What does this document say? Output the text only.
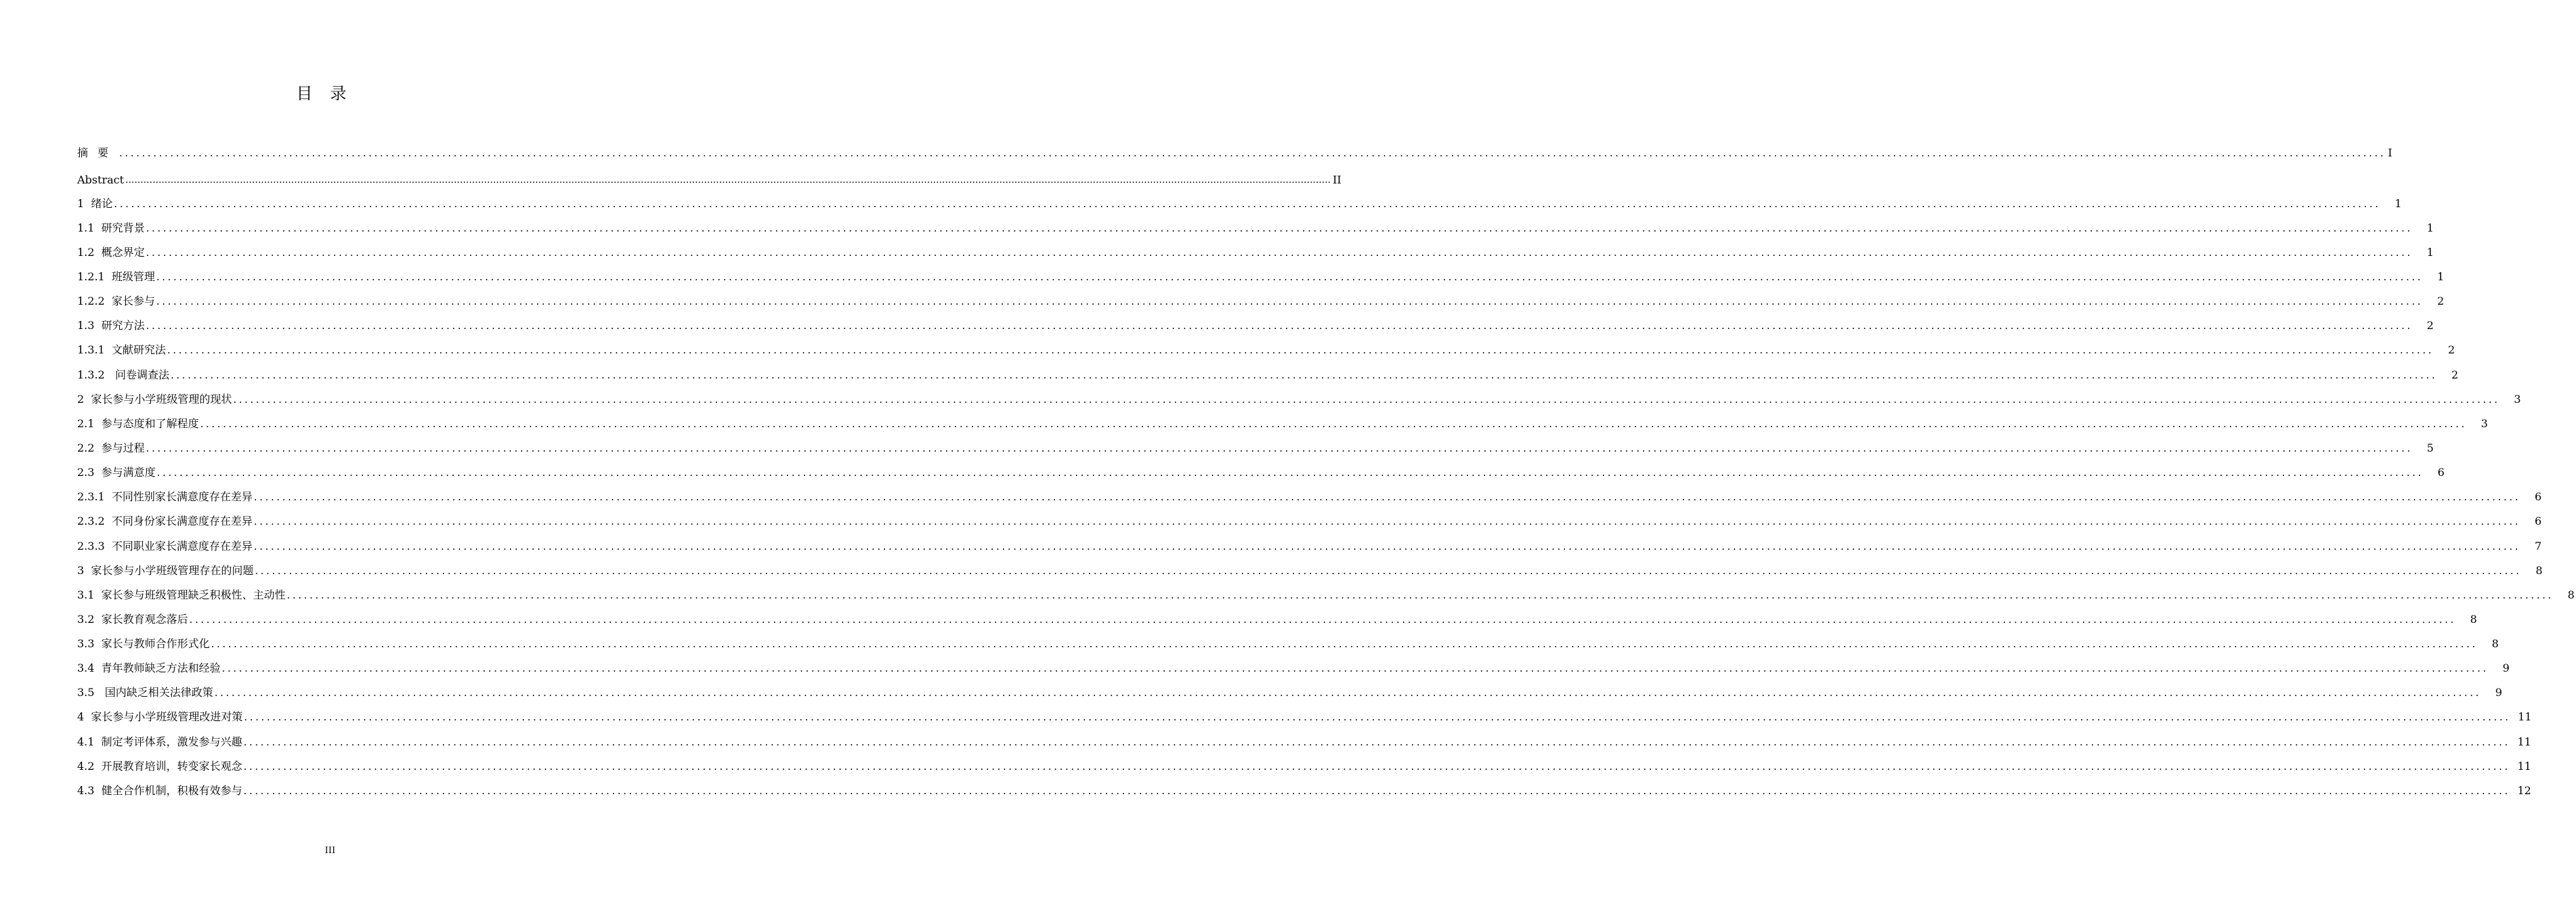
目录
摘要 ................................................................................................................................................................................................................................................................................................................................................................................................................ I
Abstract ................................................................................................................................................................................................................................................................................................................................................................................................................ II
1  绪论 ................................................................................................................................................................................................................................................................................................................................................................................................................	1
1.1  研究背景 ................................................................................................................................................................................................................................................................................................................................................................................................................	1
1.2  概念界定 ................................................................................................................................................................................................................................................................................................................................................................................................................	1
1.2.1  班级管理 ................................................................................................................................................................................................................................................................................................................................................................................................................	1
1.2.2  家长参与 ................................................................................................................................................................................................................................................................................................................................................................................................................	2
1.3  研究方法 ................................................................................................................................................................................................................................................................................................................................................................................................................	2
1.3.1  文献研究法 ................................................................................................................................................................................................................................................................................................................................................................................................................	2
1.3.2   问卷调查法 ................................................................................................................................................................................................................................................................................................................................................................................................................	2
2  家长参与小学班级管理的现状 ................................................................................................................................................................................................................................................................................................................................................................................................................	3
2.1  参与态度和了解程度 ................................................................................................................................................................................................................................................................................................................................................................................................................	3
2.2  参与过程 ................................................................................................................................................................................................................................................................................................................................................................................................................	5
2.3  参与满意度 ................................................................................................................................................................................................................................................................................................................................................................................................................	6
2.3.1  不同性别家长满意度存在差异 ................................................................................................................................................................................................................................................................................................................................................................................................................	6
2.3.2  不同身份家长满意度存在差异 ................................................................................................................................................................................................................................................................................................................................................................................................................	6
2.3.3  不同职业家长满意度存在差异 ................................................................................................................................................................................................................................................................................................................................................................................................................	7
3  家长参与小学班级管理存在的问题 ................................................................................................................................................................................................................................................................................................................................................................................................................	8
3.1  家长参与班级管理缺乏积极性、主动性 ................................................................................................................................................................................................................................................................................................................................................................................................................	8
3.2  家长教育观念落后 ................................................................................................................................................................................................................................................................................................................................................................................................................	8
3.3  家长与教师合作形式化 ................................................................................................................................................................................................................................................................................................................................................................................................................	8
3.4  青年教师缺乏方法和经验 ................................................................................................................................................................................................................................................................................................................................................................................................................	9
3.5   国内缺乏相关法律政策 ................................................................................................................................................................................................................................................................................................................................................................................................................	9
4  家长参与小学班级管理改进对策 ................................................................................................................................................................................................................................................................................................................................................................................................................ 11
4.1  制定考评体系，激发参与兴趣 ................................................................................................................................................................................................................................................................................................................................................................................................................ 11
4.2  开展教育培训，转变家长观念 ................................................................................................................................................................................................................................................................................................................................................................................................................ 11
4.3  健全合作机制，积极有效参与 ................................................................................................................................................................................................................................................................................................................................................................................................................ 12
III
